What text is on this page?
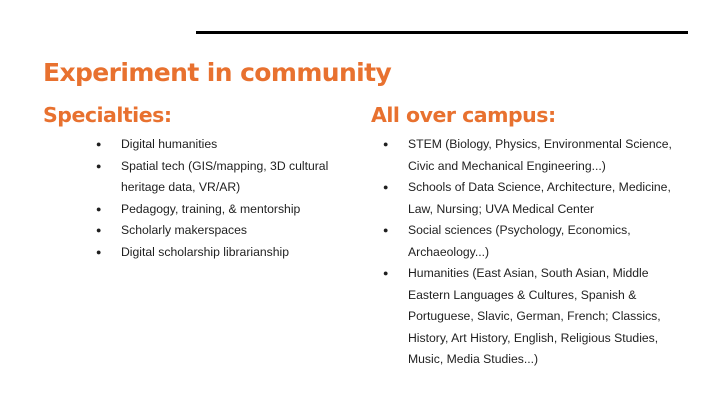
Experiment in community
Specialties:
● Digital humanities
● Spatial tech (GIS/mapping, 3D cultural heritage data, VR/AR)
● Pedagogy, training, & mentorship
● Scholarly makerspaces
● Digital scholarship librarianship
All over campus:
● STEM (Biology, Physics, Environmental Science, Civic and Mechanical Engineering...)
● Schools of Data Science, Architecture, Medicine, Law, Nursing; UVA Medical Center
● Social sciences (Psychology, Economics, Archaeology...)
● Humanities (East Asian, South Asian, Middle Eastern Languages & Cultures, Spanish & Portuguese, Slavic, German, French; Classics, History, Art History, English, Religious Studies, Music, Media Studies...)
